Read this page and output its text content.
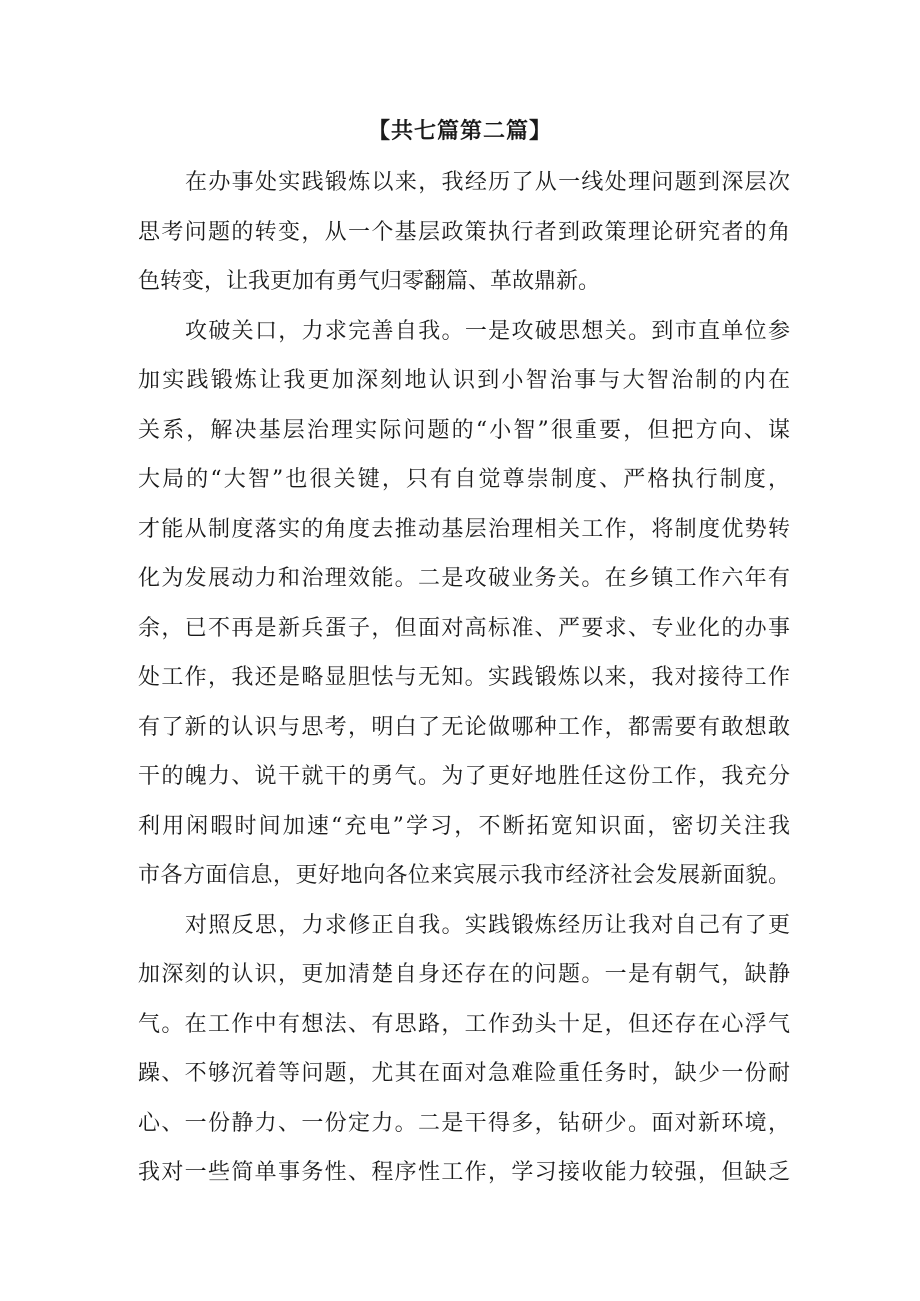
【共七篇第二篇】
在办事处实践锻炼以来，我经历了从一线处理问题到深层次
思考问题的转变，从一个基层政策执行者到政策理论研究者的角
色转变，让我更加有勇气归零翻篇、革故鼎新。
攻破关口，力求完善自我。一是攻破思想关。到市直单位参
加实践锻炼让我更加深刻地认识到小智治事与大智治制的内在
关系，解决基层治理实际问题的“小智”很重要，但把方向、谋
大局的“大智”也很关键，只有自觉尊崇制度、严格执行制度，
才能从制度落实的角度去推动基层治理相关工作，将制度优势转
化为发展动力和治理效能。二是攻破业务关。在乡镇工作六年有
余，已不再是新兵蛋子，但面对高标准、严要求、专业化的办事
处工作，我还是略显胆怯与无知。实践锻炼以来，我对接待工作
有了新的认识与思考，明白了无论做哪种工作，都需要有敢想敢
干的魄力、说干就干的勇气。为了更好地胜任这份工作，我充分
利用闲暇时间加速“充电”学习，不断拓宽知识面，密切关注我
市各方面信息，更好地向各位来宾展示我市经济社会发展新面貌。
对照反思，力求修正自我。实践锻炼经历让我对自己有了更
加深刻的认识，更加清楚自身还存在的问题。一是有朝气，缺静
气。在工作中有想法、有思路，工作劲头十足，但还存在心浮气
躁、不够沉着等问题，尤其在面对急难险重任务时，缺少一份耐
心、一份静力、一份定力。二是干得多，钻研少。面对新环境，
我对一些简单事务性、程序性工作，学习接收能力较强，但缺乏
